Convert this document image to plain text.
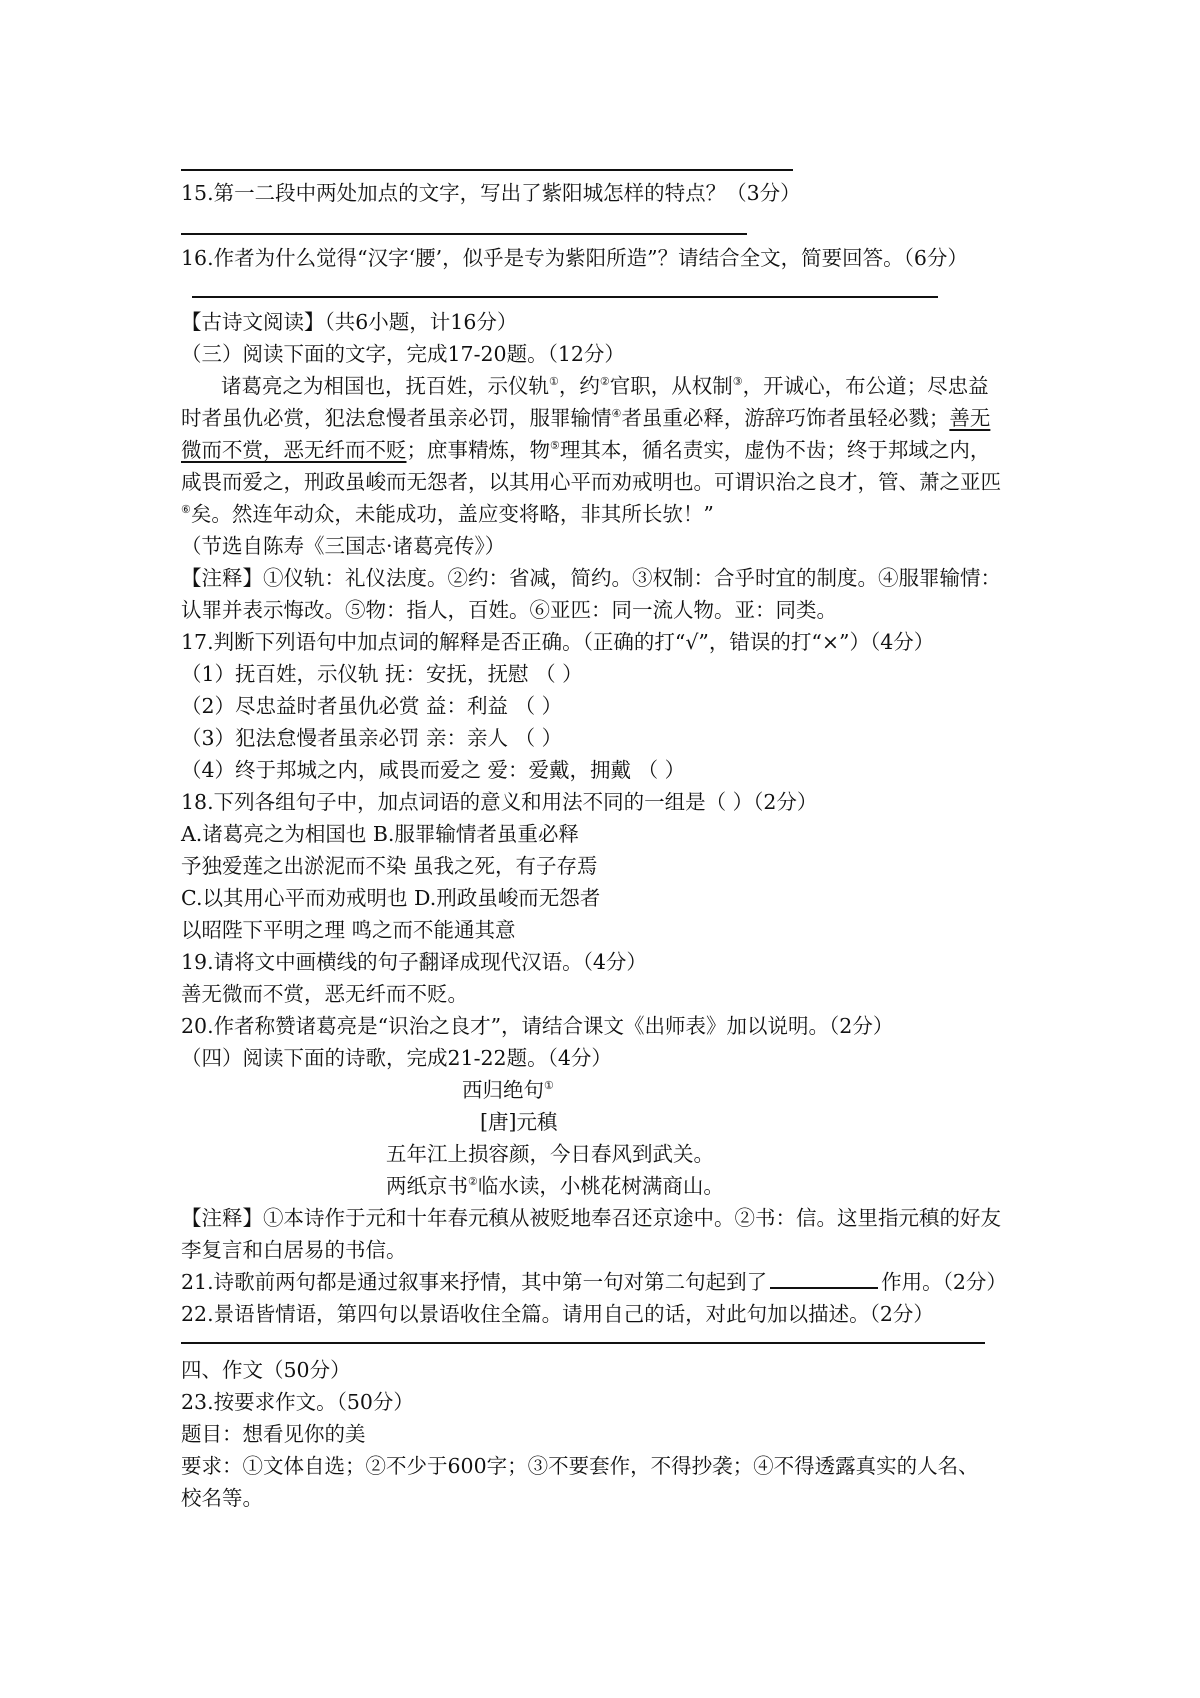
15.第一二段中两处加点的文字，写出了紫阳城怎样的特点？（3分）
16.作者为什么觉得“汉字‘腰’，似乎是专为紫阳所造”？请结合全文，简要回答。（6分）
【古诗文阅读】（共6小题，计16分）
（三）阅读下面的文字，完成17-20题。（12分）
诸葛亮之为相国也，抚百姓，示仪轨①，约②官职，从权制③，开诚心，布公道；尽忠益
时者虽仇必赏，犯法怠慢者虽亲必罚，服罪输情④者虽重必释，游辞巧饰者虽轻必戮；善无
微而不赏，恶无纤而不贬；庶事精炼，物⑤理其本，循名责实，虚伪不齿；终于邦域之内，
咸畏而爱之，刑政虽峻而无怨者，以其用心平而劝戒明也。可谓识治之良才，管、萧之亚匹
⑥矣。然连年动众，未能成功，盖应变将略，非其所长欤！”
（节选自陈寿《三国志·诸葛亮传》）
【注释】①仪轨：礼仪法度。②约：省减，简约。③权制：合乎时宜的制度。④服罪输情：
认罪并表示悔改。⑤物：指人，百姓。⑥亚匹：同一流人物。亚：同类。
17.判断下列语句中加点词的解释是否正确。（正确的打“√”，错误的打“×”）（4分）
（1）抚百姓，示仪轨 抚：安抚，抚慰 （ ）
（2）尽忠益时者虽仇必赏 益：利益 （ ）
（3）犯法怠慢者虽亲必罚 亲：亲人 （ ）
（4）终于邦城之内，咸畏而爱之 爱：爱戴，拥戴 （ ）
18.下列各组句子中，加点词语的意义和用法不同的一组是（ ）（2分）
A.诸葛亮之为相国也 B.服罪输情者虽重必释
予独爱莲之出淤泥而不染 虽我之死，有子存焉
C.以其用心平而劝戒明也 D.刑政虽峻而无怨者
以昭陛下平明之理 鸣之而不能通其意
19.请将文中画横线的句子翻译成现代汉语。（4分）
善无微而不赏，恶无纤而不贬。
20.作者称赞诸葛亮是“识治之良才”，请结合课文《出师表》加以说明。（2分）
（四）阅读下面的诗歌，完成21-22题。（4分）
西归绝句①
[唐]元稹
五年江上损容颜，今日春风到武关。
两纸京书②临水读，小桃花树满商山。
【注释】①本诗作于元和十年春元稹从被贬地奉召还京途中。②书：信。这里指元稹的好友
李复言和白居易的书信。
21.诗歌前两句都是通过叙事来抒情，其中第一句对第二句起到了	作用。（2分）
22.景语皆情语，第四句以景语收住全篇。请用自己的话，对此句加以描述。（2分）
四、作文（50分）
23.按要求作文。（50分）
题目：想看见你的美
要求：①文体自选；②不少于600字；③不要套作，不得抄袭；④不得透露真实的人名、
校名等。
